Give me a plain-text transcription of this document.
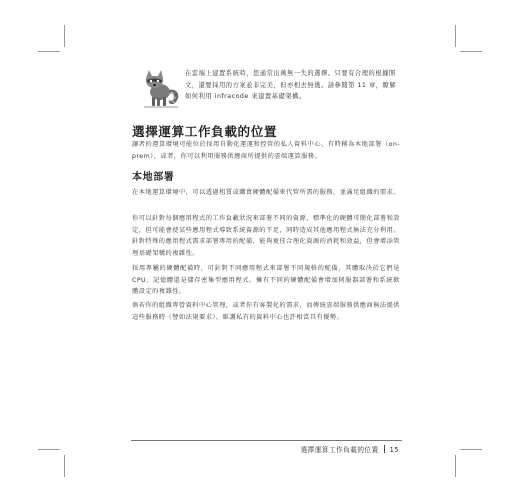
在雲端上建置系統時，您通常出萬無一失的選擇。只要有合理的根據開文，還要採用的方案並非完美，但亦相去無幾。請參閱第 11 章，瞭解如何利用 infracode 來建置基礎架構。

選擇運算工作負載的位置

讓者的運算環境可能位於採用自動化運運和控管的私人資料中心，有時稱為本地部署（on-prem），或者，你可以利用服務供應商所提供的雲端運算服務。

本地部署

在本地運算環境中，可以透過租賃或購買硬體配備來代管所需的服務，並滿足組織的需求。

你可以針對每個應用程式的工作負載狀況來部署不同的資源，標準化的硬體可簡化部署和設定，但可能會使某些應用程式導致系統資源的不足，同時造成其他應用程式無法充分利用。針對特殊的應用程式需求部署專用的配備，能夠更佳合理化資源的消耗和效益，但會增添管理基礎架構的複雜性。

採用專屬的硬體配備時，可針對不同應用程式來部署不同規格的配備，其體取決於它們是 CPU、記憶體還是儲存密集型應用程式。擁有不同的硬體配備會增加伺服器部署和系統軟體設定的複雜性。

倘若你的組織專營資料中心管理，或者你有客製化的需求，而傳統雲端服務供應商無法提供這些服務時（譬如法規要求），維護私有的資料中心也許相當具有優勢。

選擇運算工作負載的位置 15
